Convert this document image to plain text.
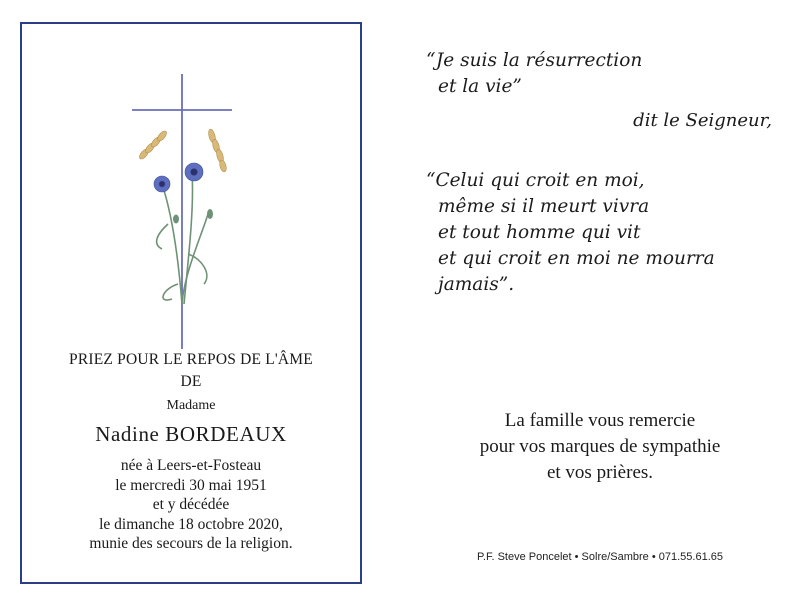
PRIEZ POUR LE REPOS DE L'ÂME
DE
Madame
Nadine BORDEAUX
née à Leers-et-Fosteau
le mercredi 30 mai 1951
et y décédée
le dimanche 18 octobre 2020,
munie des secours de la religion.
“Je suis la résurrection
et la vie”
dit le Seigneur,
“Celui qui croit en moi,
même si il meurt vivra
et tout homme qui vit
et qui croit en moi ne mourra
jamais”.
La famille vous remercie
pour vos marques de sympathie
et vos prières.
P.F. Steve Poncelet • Solre/Sambre • 071.55.61.65
